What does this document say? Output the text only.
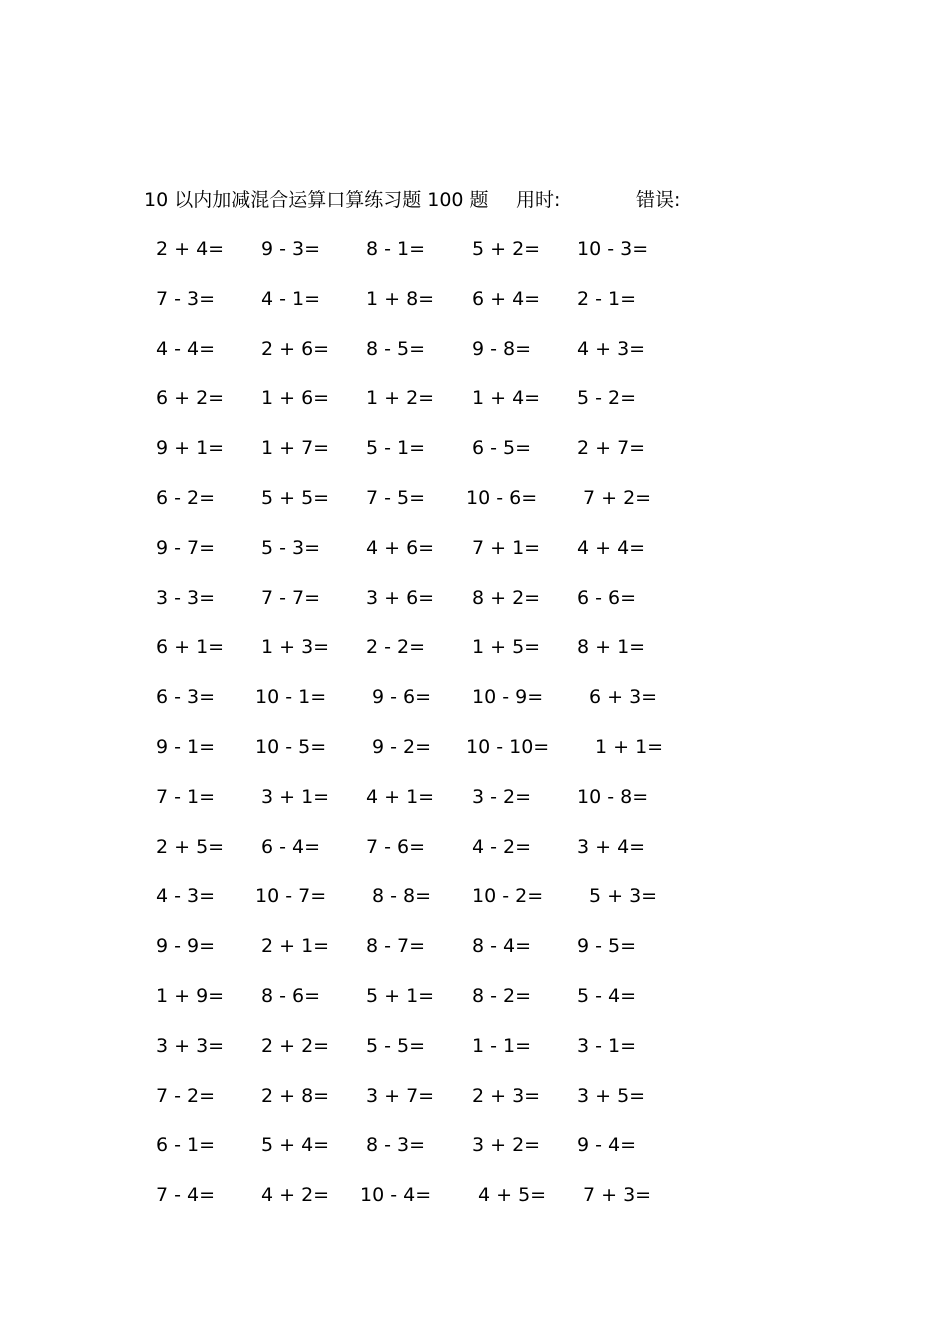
10 以内加减混合运算口算练习题 100 题 用时:	错误:
2 + 4= 9 - 3= 8 - 1= 5 + 2= 10 - 3=
7 - 3= 4 - 1= 1 + 8= 6 + 4= 2 - 1=
4 - 4= 2 + 6= 8 - 5= 9 - 8= 4 + 3=
6 + 2= 1 + 6= 1 + 2= 1 + 4= 5 - 2=
9 + 1= 1 + 7= 5 - 1= 6 - 5= 2 + 7=
6 - 2= 5 + 5= 7 - 5= 10 - 6= 7 + 2=
9 - 7= 5 - 3= 4 + 6= 7 + 1= 4 + 4=
3 - 3= 7 - 7= 3 + 6= 8 + 2= 6 - 6=
6 + 1= 1 + 3= 2 - 2= 1 + 5= 8 + 1=
6 - 3= 10 - 1= 9 - 6= 10 - 9= 6 + 3=
9 - 1= 10 - 5= 9 - 2= 10 - 10= 1 + 1=
7 - 1= 3 + 1= 4 + 1= 3 - 2= 10 - 8=
2 + 5= 6 - 4= 7 - 6= 4 - 2= 3 + 4=
4 - 3= 10 - 7= 8 - 8= 10 - 2= 5 + 3=
9 - 9= 2 + 1= 8 - 7= 8 - 4= 9 - 5=
1 + 9= 8 - 6= 5 + 1= 8 - 2= 5 - 4=
3 + 3= 2 + 2= 5 - 5= 1 - 1= 3 - 1=
7 - 2= 2 + 8= 3 + 7= 2 + 3= 3 + 5=
6 - 1= 5 + 4= 8 - 3= 3 + 2= 9 - 4=
7 - 4= 4 + 2= 10 - 4= 4 + 5= 7 + 3=
